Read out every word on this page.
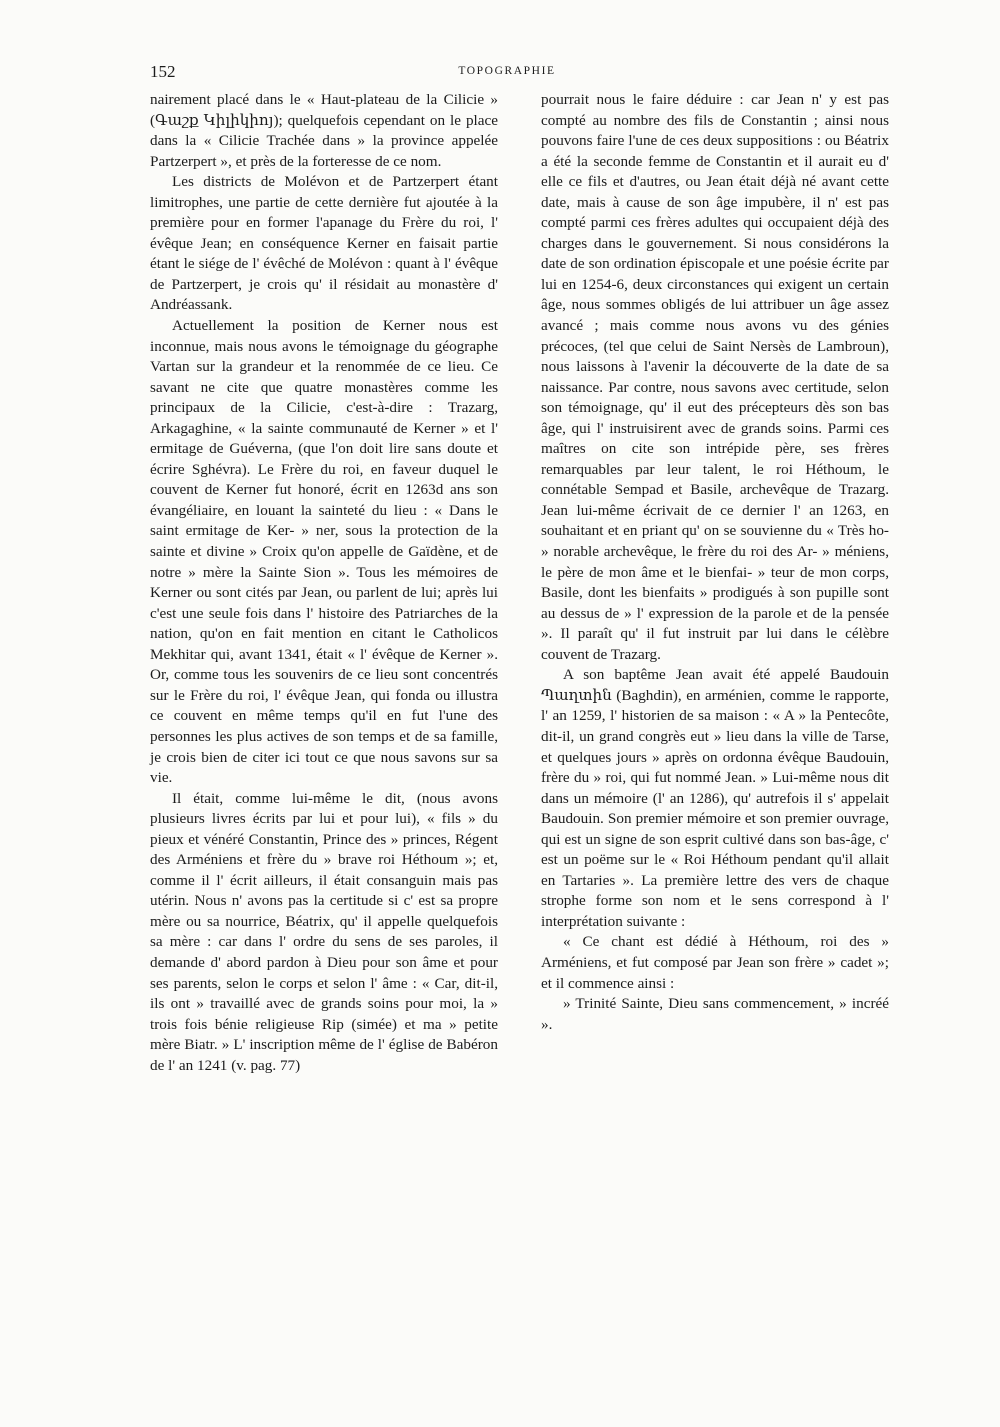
152	TOPOGRAPHIE

nairement placé dans le « Haut-plateau de la Cilicie » (Գաշք Կիլիկիոյ); quelquefois cependant on le place dans la « Cilicie Trachée dans » la province appelée Partzerpert », et près de la forteresse de ce nom.

Les districts de Molévon et de Partzerpert étant limitrophes, une partie de cette dernière fut ajoutée à la première pour en former l'apanage du Frère du roi, l' évêque Jean; en conséquence Kerner en faisait partie étant le siége de l' évêché de Molévon : quant à l' évêque de Partzerpert, je crois qu' il résidait au monastère d' Andréassank.

Actuellement la position de Kerner nous est inconnue, mais nous avons le témoignage du géographe Vartan sur la grandeur et la renommée de ce lieu. Ce savant ne cite que quatre monastères comme les principaux de la Cilicie, c'est-à-dire : Trazarg, Arkagaghine, « la sainte communauté de Kerner » et l' ermitage de Guéverna, (que l'on doit lire sans doute et écrire Sghévra). Le Frère du roi, en faveur duquel le couvent de Kerner fut honoré, écrit en 1263d ans son évangéliaire, en louant la sainteté du lieu : « Dans le saint ermitage de Ker- » ner, sous la protection de la sainte et divine » Croix qu'on appelle de Gaïdène, et de notre » mère la Sainte Sion ». Tous les mémoires de Kerner ou sont cités par Jean, ou parlent de lui; après lui c'est une seule fois dans l' histoire des Patriarches de la nation, qu'on en fait mention en citant le Catholicos Mekhitar qui, avant 1341, était « l' évêque de Kerner ». Or, comme tous les souvenirs de ce lieu sont concentrés sur le Frère du roi, l' évêque Jean, qui fonda ou illustra ce couvent en même temps qu'il en fut l'une des personnes les plus actives de son temps et de sa famille, je crois bien de citer ici tout ce que nous savons sur sa vie.

Il était, comme lui-même le dit, (nous avons plusieurs livres écrits par lui et pour lui), « fils » du pieux et vénéré Constantin, Prince des » princes, Régent des Arméniens et frère du » brave roi Héthoum »; et, comme il l' écrit ailleurs, il était consanguin mais pas utérin. Nous n' avons pas la certitude si c' est sa propre mère ou sa nourrice, Béatrix, qu' il appelle quelquefois sa mère : car dans l' ordre du sens de ses paroles, il demande d' abord pardon à Dieu pour son âme et pour ses parents, selon le corps et selon l' âme : « Car, dit-il, ils ont » travaillé avec de grands soins pour moi, la » trois fois bénie religieuse Rip (simée) et ma » petite mère Biatr. » L' inscription même de l' église de Babéron de l' an 1241 (v. pag. 77)

pourrait nous le faire déduire : car Jean n' y est pas compté au nombre des fils de Constantin ; ainsi nous pouvons faire l'une de ces deux suppositions : ou Béatrix a été la seconde femme de Constantin et il aurait eu d' elle ce fils et d'autres, ou Jean était déjà né avant cette date, mais à cause de son âge impubère, il n' est pas compté parmi ces frères adultes qui occupaient déjà des charges dans le gouvernement. Si nous considérons la date de son ordination épiscopale et une poésie écrite par lui en 1254-6, deux circonstances qui exigent un certain âge, nous sommes obligés de lui attribuer un âge assez avancé ; mais comme nous avons vu des génies précoces, (tel que celui de Saint Nersès de Lambroun), nous laissons à l'avenir la découverte de la date de sa naissance. Par contre, nous savons avec certitude, selon son témoignage, qu' il eut des précepteurs dès son bas âge, qui l' instruisirent avec de grands soins. Parmi ces maîtres on cite son intrépide père, ses frères remarquables par leur talent, le roi Héthoum, le connétable Sempad et Basile, archevêque de Trazarg. Jean lui-même écrivait de ce dernier l' an 1263, en souhaitant et en priant qu' on se souvienne du « Très ho- » norable archevêque, le frère du roi des Ar- » méniens, le père de mon âme et le bienfai- » teur de mon corps, Basile, dont les bienfaits » prodigués à son pupille sont au dessus de » l' expression de la parole et de la pensée ». Il paraît qu' il fut instruit par lui dans le célèbre couvent de Trazarg.

A son baptême Jean avait été appelé Baudouin Պաղտին (Baghdin), en arménien, comme le rapporte, l' an 1259, l' historien de sa maison : « A » la Pentecôte, dit-il, un grand congrès eut » lieu dans la ville de Tarse, et quelques jours » après on ordonna évêque Baudouin, frère du » roi, qui fut nommé Jean. » Lui-même nous dit dans un mémoire (l' an 1286), qu' autrefois il s' appelait Baudouin. Son premier mémoire et son premier ouvrage, qui est un signe de son esprit cultivé dans son bas-âge, c' est un poëme sur le « Roi Héthoum pendant qu'il allait en Tartaries ». La première lettre des vers de chaque strophe forme son nom et le sens correspond à l' interprétation suivante :

« Ce chant est dédié à Héthoum, roi des » Arméniens, et fut composé par Jean son frère » cadet »; et il commence ainsi :

» Trinité Sainte, Dieu sans commencement, » incréé ».
